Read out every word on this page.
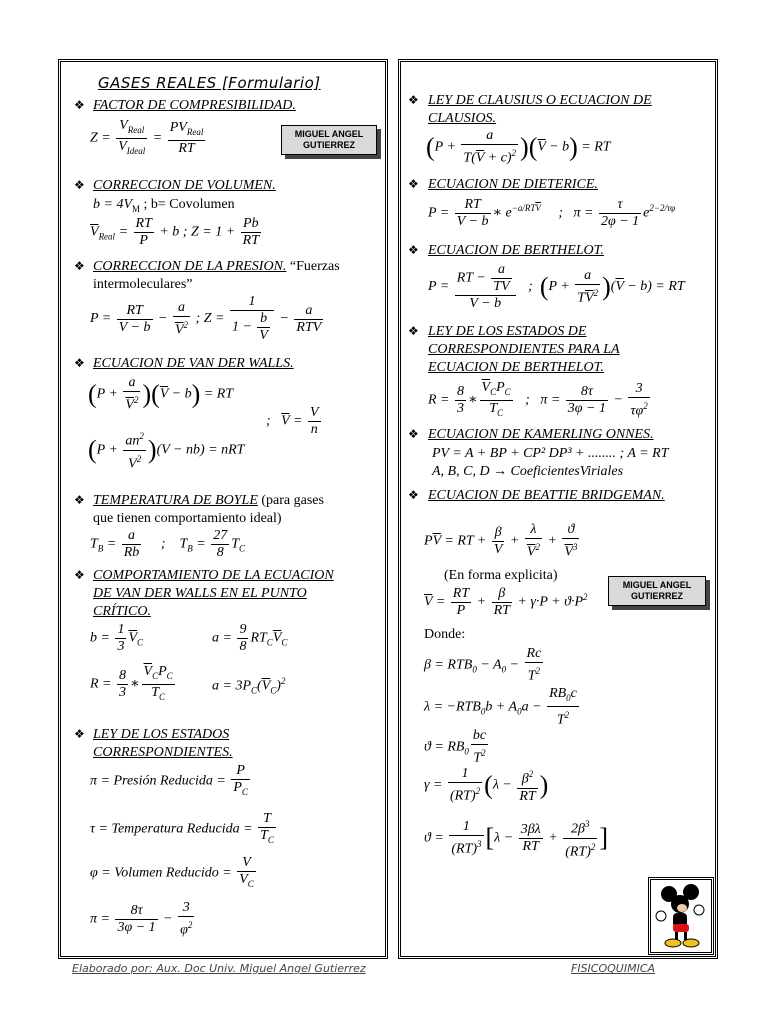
GASES REALES [Formulario]
❖ FACTOR DE COMPRESIBILIDAD.
$Z = \frac{V_{Real}}{V_{Ideal}} = \frac{PV_{Real}}{RT}$	MIGUEL ANGEL GUTIERREZ
❖ CORRECCION DE VOLUMEN.
$b = 4V_M$ ; b= Covolumen
$\overline{V}_{Real} = \frac{RT}{P} + b$ ; $Z = 1 + \frac{Pb}{RT}$
❖ CORRECCION DE LA PRESION. “Fuerzas
intermoleculares”
$P = \frac{RT}{\overline{V} - b} - \frac{a}{\overline{V}^2}$ ; $Z = \frac{1}{1 - \frac{b}{V}} - \frac{a}{RT\overline{V}}$
❖ ECUACION DE VAN DER WALLS.
$(P + \frac{a}{\overline{V}^2} )(\overline{V} - b)$ = RT
;   $\overline{V} = \frac{V}{n}$
$(P + \frac{an^2}{V^2} )(V - nb)$ = nRT
❖ TEMPERATURA DE BOYLE (para gases
que tienen comportamiento ideal)
$T_B = \frac{a}{Rb}$ ;    $T_B = \frac{27}{8} T_C$
❖ COMPORTAMIENTO DE LA ECUACION
DE VAN DER WALLS EN EL PUNTO
CRÍTICO.
$b = \frac{1}{3} \overline{V}_C$	$a = \frac{9}{8} RT_C\overline{V}_C$
$R = \frac{8}{3}$ ∗ $\frac{\overline{V}_CP_C}{T_C}$	$a = 3P_C(\overline{V}_C)^2$
❖ LEY DE LOS ESTADOS
CORRESPONDIENTES.
π = Presión Reducida = $\frac{P}{P_C}$
τ = Temperatura Reducida = $\frac{T}{T_C}$
φ = Volumen Reducido = $\frac{V}{V_C}$
$\pi = \frac{8\tau}{3\varphi - 1} - \frac{3}{\varphi^2}$
❖ LEY DE CLAUSIUS O ECUACION DE
CLAUSIOS.
$(P + \frac{a}{T(\overline{V} + c)^2} )(\overline{V} - b)$ = RT
❖ ECUACION DE DIETERICE.
$P = \frac{RT}{\overline{V} - b}$ ∗ $e^{-a/RT\overline{V}}$     ;   $\pi = \frac{\tau}{2\varphi - 1} e^{2-2/\tau\varphi}$
❖ ECUACION DE BERTHELOT.
$P = \frac{RT - \frac{a}{T\overline{V}}}{\overline{V} - b}$ ;  $(P + \frac{a}{T\overline{V}^2} )(\overline{V} - b)$ = RT
❖ LEY DE LOS ESTADOS DE
CORRESPONDIENTES PARA LA
ECUACION DE BERTHELOT.
$R = \frac{8}{3}$ ∗ $\frac{\overline{V}_CP_C}{T_C}$ ;   $\pi = \frac{8\tau}{3\varphi - 1} - \frac{3}{\tau\varphi^2}$
❖ ECUACION DE KAMERLING ONNES.
PV = A + BP + CP² DP³ + ........ ; A = RT
A, B, C, D → CoeficientesViriales
❖ ECUACION DE BEATTIE BRIDGEMAN.
$P\overline{V}$ = RT + $\frac{\beta}{V} + \frac{\lambda}{\overline{V}^2} + \frac{ϑ}{\overline{V}^3}$
(En forma explicita)
MIGUEL ANGEL GUTIERREZ
$\overline{V} = \frac{RT}{P} + \frac{\beta}{RT} + \gamma\cdot P + ϑ\cdot P^2$
Donde:
$\beta = RTB_0 - A_0 - \frac{Rc}{T^2}$
$\lambda = -RTB_0b + A_0a - \frac{RB_0c}{T^2}$
$ϑ = RB_0 \frac{bc}{T^2}$
$\gamma = \frac{1}{(RT)^2} (\lambda - \frac{\beta^2}{RT}$ )
$ϑ = \frac{1}{(RT)^3} [\lambda - \frac{3\beta\lambda}{RT} + \frac{2\beta^3}{(RT)^2}$ ]
Elaborado por: Aux. Doc Univ. Miguel Angel Gutierrez	FISICOQUIMICA
